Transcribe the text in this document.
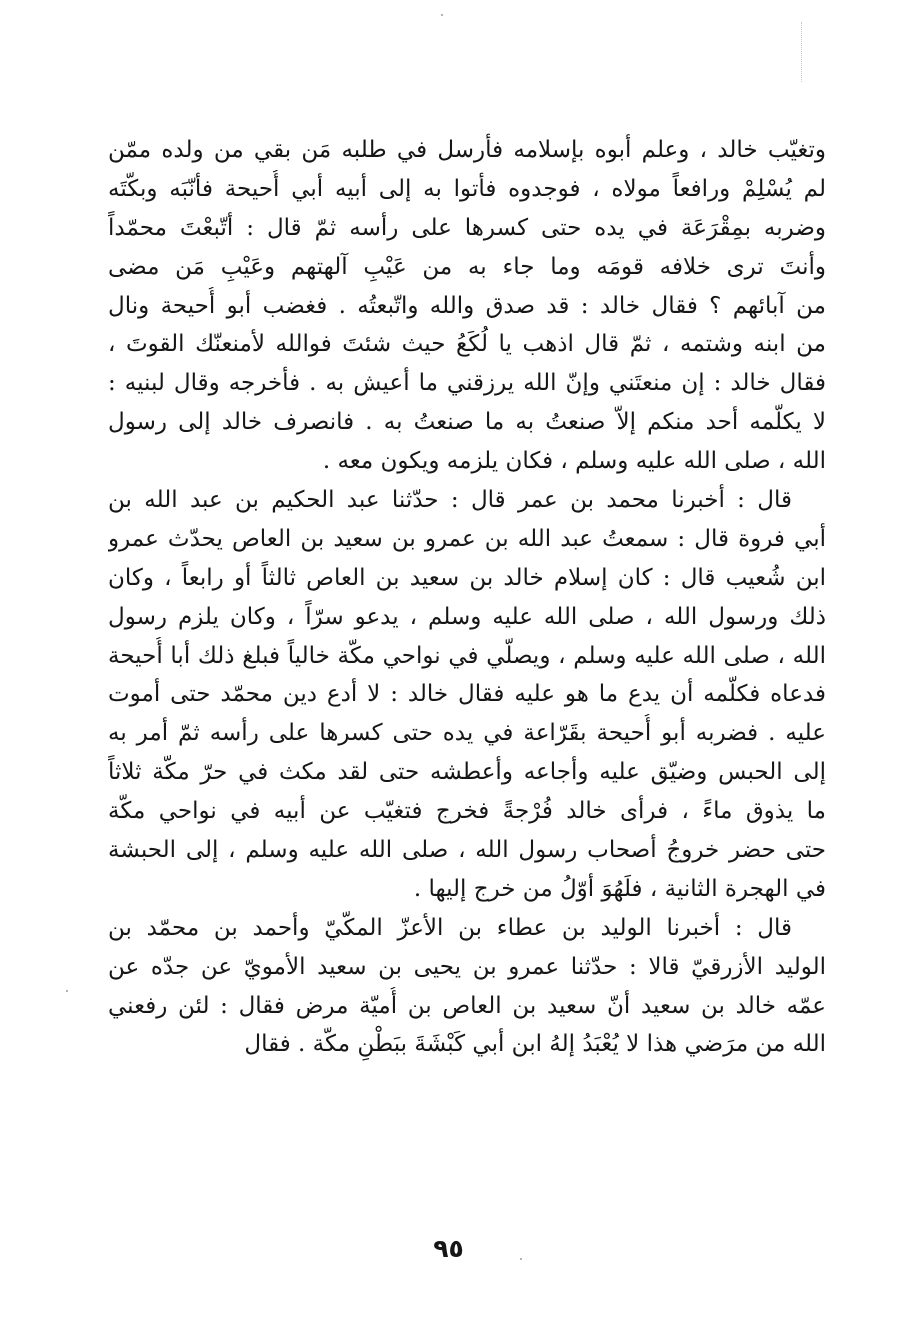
وتغيّب خالد ، وعلم أبوه بإسلامه فأرسل في طلبه مَن بقي من ولده ممّن
لم يُسْلِمْ ورافعاً مولاه ، فوجدوه فأتوا به إلى أبيه أبي أُحيحة فأنّبَه وبكّتَه
وضربه بمِقْرَعَة في يده حتى كسرها على رأسه ثمّ قال : أتّبعْتَ محمّداً
وأنتَ ترى خلافه قومَه وما جاء به من عَيْبِ آلهتهم وعَيْبِ مَن مضى
من آبائهم ؟ فقال خالد : قد صدق والله واتّبعتُه . فغضب أبو أُحيحة ونال
من ابنه وشتمه ، ثمّ قال اذهب يا لُكَعُ حيث شئتَ فوالله لأمنعنّك القوتَ ،
فقال خالد : إن منعتَني وإنّ الله يرزقني ما أعيش به . فأخرجه وقال لبنيه :
لا يكلّمه أحد منكم إلاّ صنعتُ به ما صنعتُ به . فانصرف خالد إلى رسول
الله ، صلى الله عليه وسلم ، فكان يلزمه ويكون معه .
قال : أخبرنا محمد بن عمر قال : حدّثنا عبد الحكيم بن عبد الله بن
أبي فروة قال : سمعتُ عبد الله بن عمرو بن سعيد بن العاص يحدّث عمرو
ابن شُعيب قال : كان إسلام خالد بن سعيد بن العاص ثالثاً أو رابعاً ، وكان
ذلك ورسول الله ، صلى الله عليه وسلم ، يدعو سرّاً ، وكان يلزم رسول
الله ، صلى الله عليه وسلم ، ويصلّي في نواحي مكّة خالياً فبلغ ذلك أبا أُحيحة
فدعاه فكلّمه أن يدع ما هو عليه فقال خالد : لا أدع دين محمّد حتى أموت
عليه . فضربه أبو أُحيحة بقَرّاعة في يده حتى كسرها على رأسه ثمّ أمر به
إلى الحبس وضيّق عليه وأجاعه وأعطشه حتى لقد مكث في حرّ مكّة ثلاثاً
ما يذوق ماءً ، فرأى خالد فُرْجةً فخرج فتغيّب عن أبيه في نواحي مكّة
حتى حضر خروجُ أصحاب رسول الله ، صلى الله عليه وسلم ، إلى الحبشة
في الهجرة الثانية ، فلَهُوَ أوّلُ من خرج إليها .
قال : أخبرنا الوليد بن عطاء بن الأعزّ المكّيّ وأحمد بن محمّد بن
الوليد الأزرقيّ قالا : حدّثنا عمرو بن يحيى بن سعيد الأمويّ عن جدّه عن
عمّه خالد بن سعيد أنّ سعيد بن العاص بن أُميّة مرض فقال : لئن رفعني
الله من مرَضي هذا لا يُعْبَدُ إلهُ ابن أبي كَبْشَةَ ببَطْنِ مكّة . فقال
٩٥
